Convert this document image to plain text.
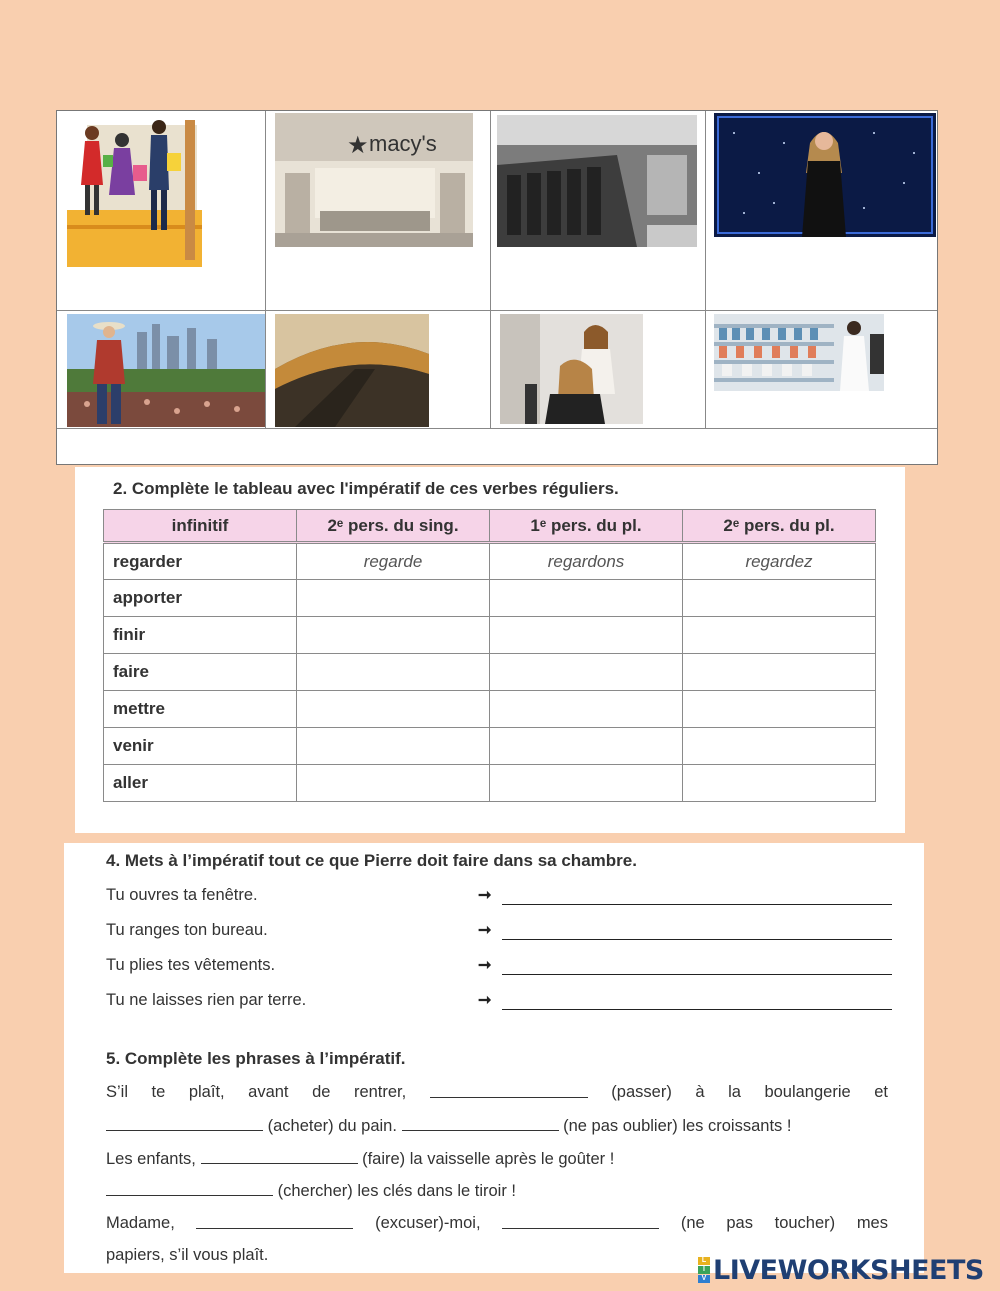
★ macy's
2. Complète le tableau avec l'impératif de ces verbes réguliers.
infinitif	2ᵉ pers. du sing.	1ᵉ pers. du pl.	2ᵉ pers. du pl.
regarder	regarde	regardons	regardez
apporter			
finir			
faire			
mettre			
venir			
aller			
4. Mets à l’impératif tout ce que Pierre doit faire dans sa chambre.
Tu ouvres ta fenêtre.	➞
Tu ranges ton bureau.	➞
Tu plies tes vêtements.	➞
Tu ne laisses rien par terre.	➞
5. Complète les phrases à l’impératif.
S’il te plaît, avant de rentrer,	(passer) à la boulangerie et
(acheter) du pain.	(ne pas oublier) les croissants !
Les enfants,	(faire) la vaisselle après le goûter !
(chercher) les clés dans le tiroir !
Madame,	(excuser)-moi,	(ne pas toucher) mes
papiers, s’il vous plaît.	L
I
V LIVEWORKSHEETS
